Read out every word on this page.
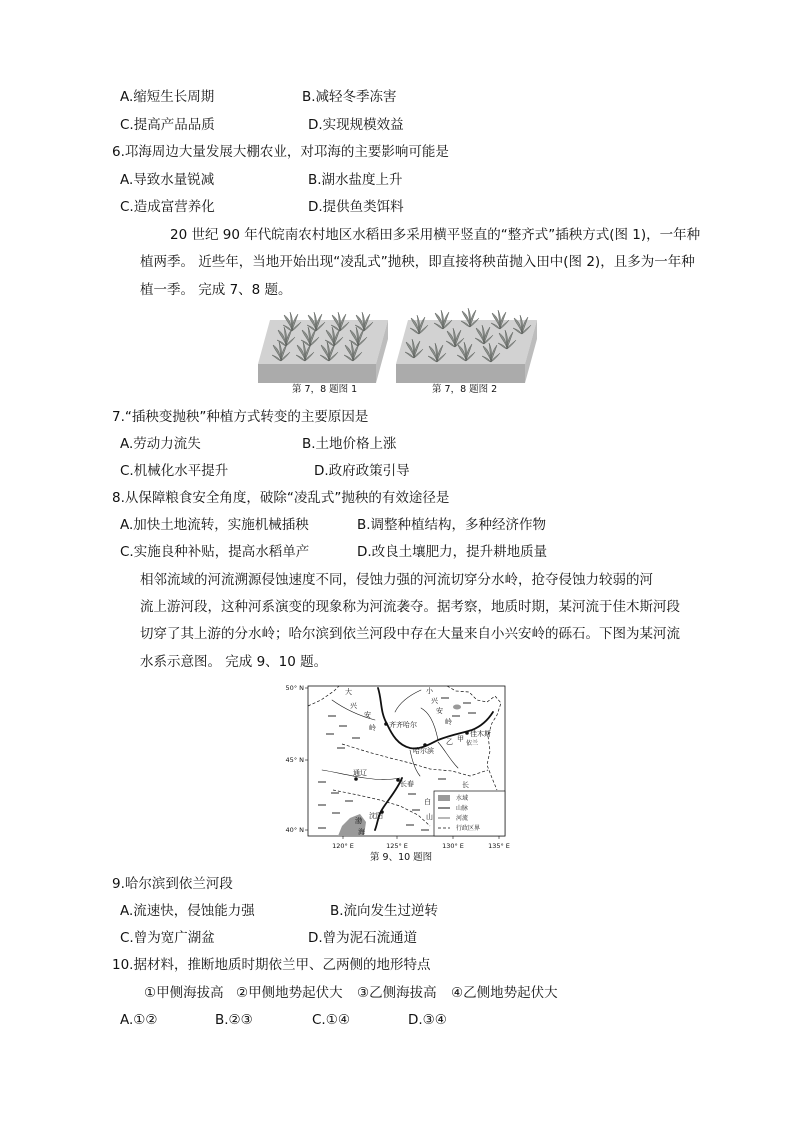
A.缩短生长周期	B.减轻冬季冻害
C.提高产品品质	D.实现规模效益
6.邛海周边大量发展大棚农业，对邛海的主要影响可能是
A.导致水量锐减	B.湖水盐度上升
C.造成富营养化	D.提供鱼类饵料
20 世纪 90 年代皖南农村地区水稻田多采用横平竖直的“整齐式”插秧方式(图 1)，一年种
植两季。 近些年，当地开始出现“凌乱式”抛秧，即直接将秧苗抛入田中(图 2)，且多为一年种
植一季。 完成 7、8 题。
第 7，8 题图 1	第 7，8 题图 2
7.“插秧变抛秧”种植方式转变的主要原因是
A.劳动力流失	B.土地价格上涨
C.机械化水平提升	D.政府政策引导
8.从保障粮食安全角度，破除“凌乱式”抛秧的有效途径是
A.加快土地流转，实施机械插秧	B.调整种植结构，多种经济作物
C.实施良种补贴，提高水稻单产	D.改良土壤肥力，提升耕地质量
相邻流域的河流溯源侵蚀速度不同，侵蚀力强的河流切穿分水岭，抢夺侵蚀力较弱的河
流上游河段，这种河系演变的现象称为河流袭夺。据考察，地质时期，某河流于佳木斯河段
切穿了其上游的分水岭；哈尔滨到依兰河段中存在大量来自小兴安岭的砾石。下图为某河流
水系示意图。 完成 9、10 题。
50° N
45° N
40° N
120° E	125° E	130° E	135° E
大
兴
安
岭
小
兴
安
岭
长
白
山
齐齐哈尔
哈尔滨
佳木斯
通辽
长春
沈阳
乙 甲
依兰
渤
海
水域
山脉
河流
行政区界
第 9、10 题图
9.哈尔滨到依兰河段
A.流速快，侵蚀能力强	B.流向发生过逆转
C.曾为宽广湖盆	D.曾为泥石流通道
10.据材料，推断地质时期依兰甲、乙两侧的地形特点
①甲侧海拔高 ②甲侧地势起伏大 ③乙侧海拔高 ④乙侧地势起伏大
A.①②	B.②③	C.①④	D.③④
